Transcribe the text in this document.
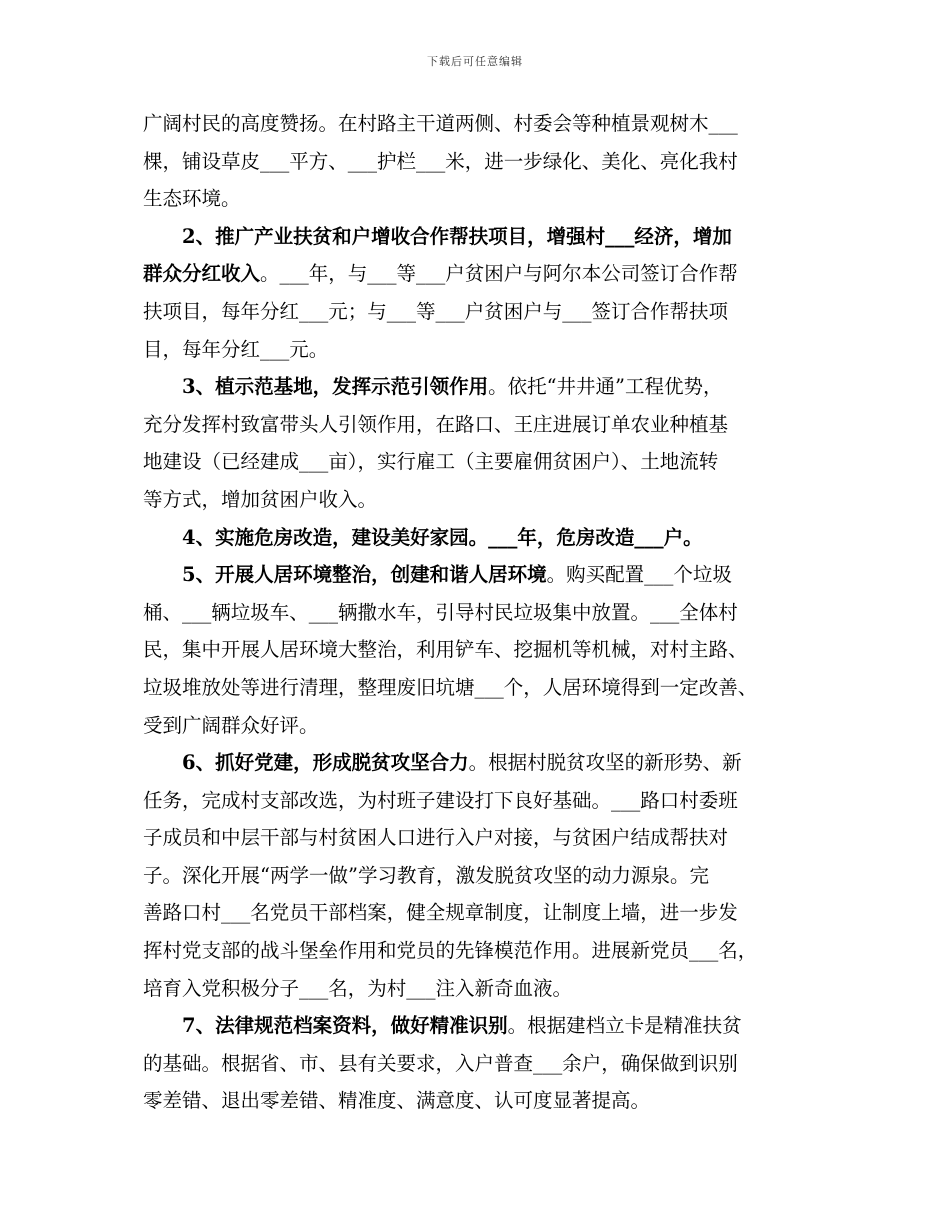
下载后可任意编辑
广阔村民的高度赞扬。在村路主干道两侧、村委会等种植景观树木___
棵，铺设草皮___平方、___护栏___米，进一步绿化、美化、亮化我村
生态环境。
2、推广产业扶贫和户增收合作帮扶项目，增强村___经济，增加
群众分红收入。___年，与___等___户贫困户与阿尔本公司签订合作帮
扶项目，每年分红___元；与___等___户贫困户与___签订合作帮扶项
目，每年分红___元。
3、植示范基地，发挥示范引领作用。依托“井井通”工程优势，
充分发挥村致富带头人引领作用，在路口、王庄进展订单农业种植基
地建设（已经建成___亩），实行雇工（主要雇佣贫困户）、土地流转
等方式，增加贫困户收入。
4、实施危房改造，建设美好家园。___年，危房改造___户。
5、开展人居环境整治，创建和谐人居环境。购买配置___个垃圾
桶、___辆垃圾车、___辆撒水车，引导村民垃圾集中放置。___全体村
民，集中开展人居环境大整治，利用铲车、挖掘机等机械，对村主路、
垃圾堆放处等进行清理，整理废旧坑塘___个，人居环境得到一定改善、
受到广阔群众好评。
6、抓好党建，形成脱贫攻坚合力。根据村脱贫攻坚的新形势、新
任务，完成村支部改选，为村班子建设打下良好基础。___路口村委班
子成员和中层干部与村贫困人口进行入户对接，与贫困户结成帮扶对
子。深化开展“两学一做”学习教育，激发脱贫攻坚的动力源泉。完
善路口村___名党员干部档案，健全规章制度，让制度上墙，进一步发
挥村党支部的战斗堡垒作用和党员的先锋模范作用。进展新党员___名，
培育入党积极分子___名，为村___注入新奇血液。
7、法律规范档案资料，做好精准识别。根据建档立卡是精准扶贫
的基础。根据省、市、县有关要求，入户普查___余户，确保做到识别
零差错、退出零差错、精准度、满意度、认可度显著提高。
